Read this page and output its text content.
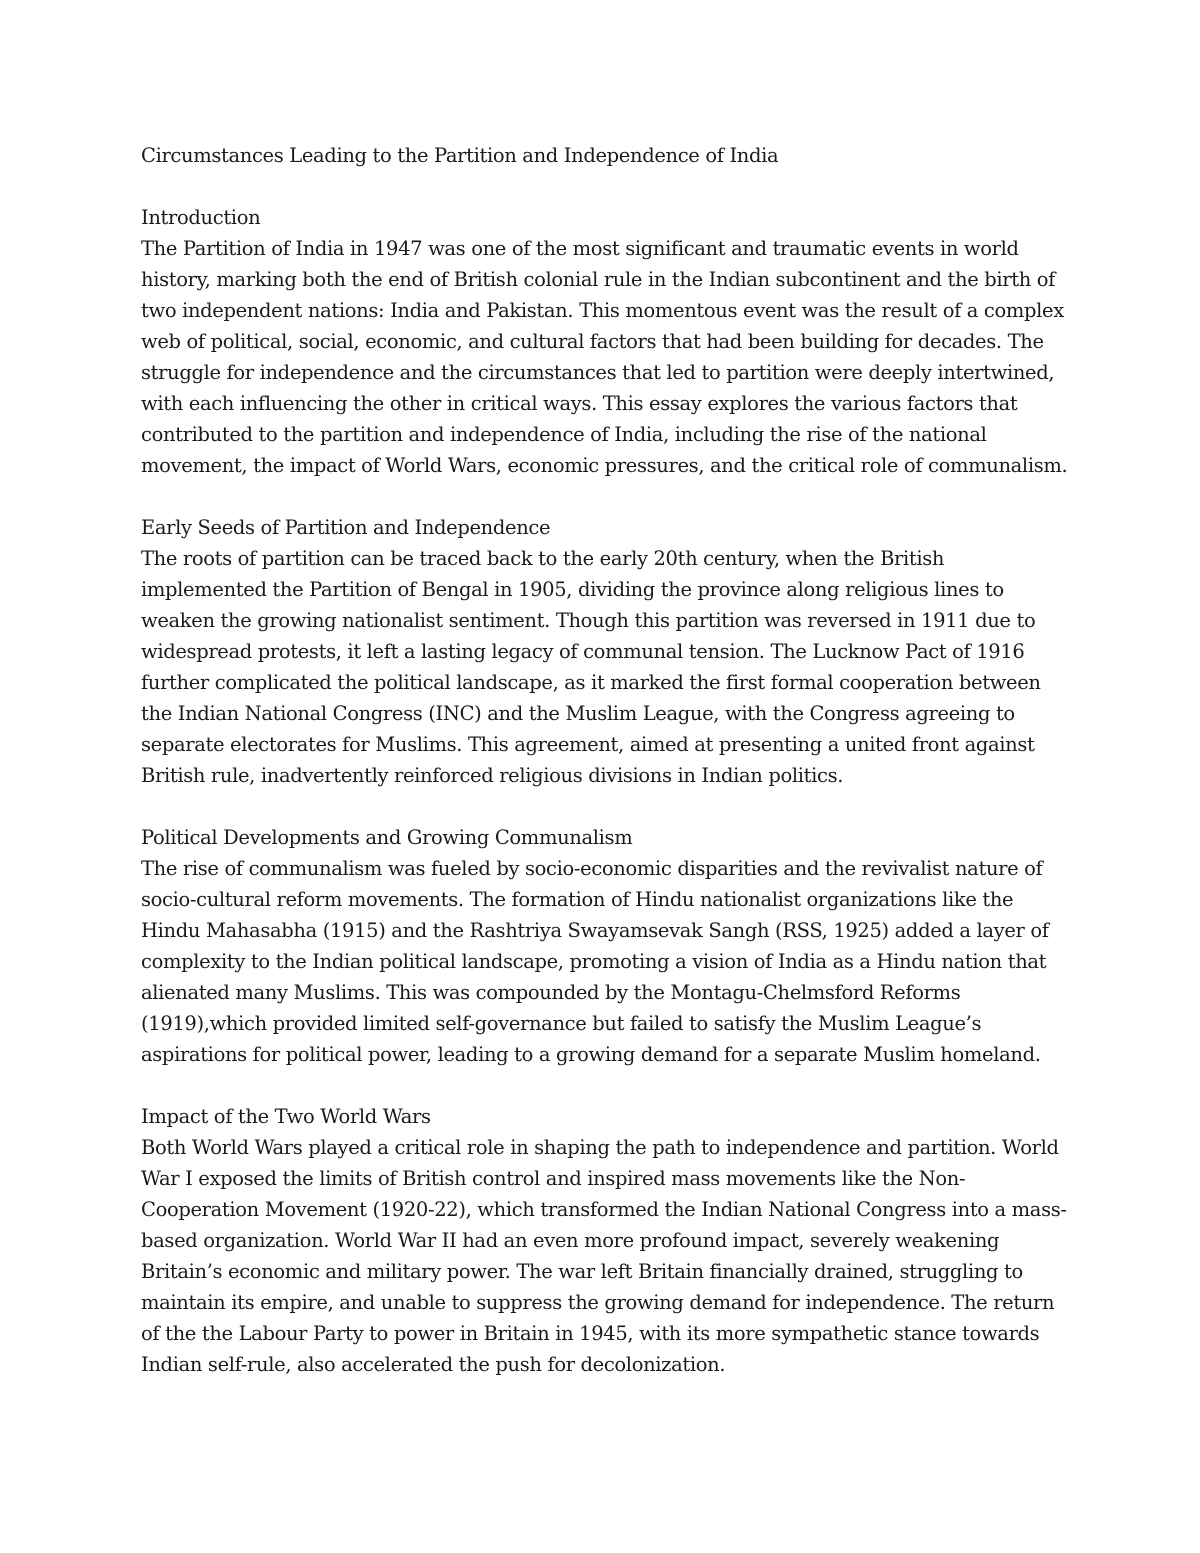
Circumstances Leading to the Partition and Independence of India
Introduction

The Partition of India in 1947 was one of the most significant and traumatic events in world history, marking both the end of British colonial rule in the Indian subcontinent and the birth of two independent nations: India and Pakistan. This momentous event was the result of a complex web of political, social, economic, and cultural factors that had been building for decades. The struggle for independence and the circumstances that led to partition were deeply intertwined, with each influencing the other in critical ways. This essay explores the various factors that contributed to the partition and independence of India, including the rise of the national movement, the impact of World Wars, economic pressures, and the critical role of communalism.

Early Seeds of Partition and Independence

The roots of partition can be traced back to the early 20th century, when the British implemented the Partition of Bengal in 1905, dividing the province along religious lines to weaken the growing nationalist sentiment. Though this partition was reversed in 1911 due to widespread protests, it left a lasting legacy of communal tension. The Lucknow Pact of 1916 further complicated the political landscape, as it marked the first formal cooperation between the Indian National Congress (INC) and the Muslim League, with the Congress agreeing to separate electorates for Muslims. This agreement, aimed at presenting a united front against British rule, inadvertently reinforced religious divisions in Indian politics.

Political Developments and Growing Communalism

The rise of communalism was fueled by socio-economic disparities and the revivalist nature of socio-cultural reform movements. The formation of Hindu nationalist organizations like the Hindu Mahasabha (1915) and the Rashtriya Swayamsevak Sangh (RSS, 1925) added a layer of complexity to the Indian political landscape, promoting a vision of India as a Hindu nation that alienated many Muslims. This was compounded by the Montagu-Chelmsford Reforms (1919),which provided limited self-governance but failed to satisfy the Muslim League’s aspirations for political power, leading to a growing demand for a separate Muslim homeland.

Impact of the Two World Wars

Both World Wars played a critical role in shaping the path to independence and partition. World War I exposed the limits of British control and inspired mass movements like the Non-Cooperation Movement (1920-22), which transformed the Indian National Congress into a mass-based organization. World War II had an even more profound impact, severely weakening Britain’s economic and military power. The war left Britain financially drained, struggling to maintain its empire, and unable to suppress the growing demand for independence. The return of the the Labour Party to power in Britain in 1945, with its more sympathetic stance towards Indian self-rule, also accelerated the push for decolonization.
